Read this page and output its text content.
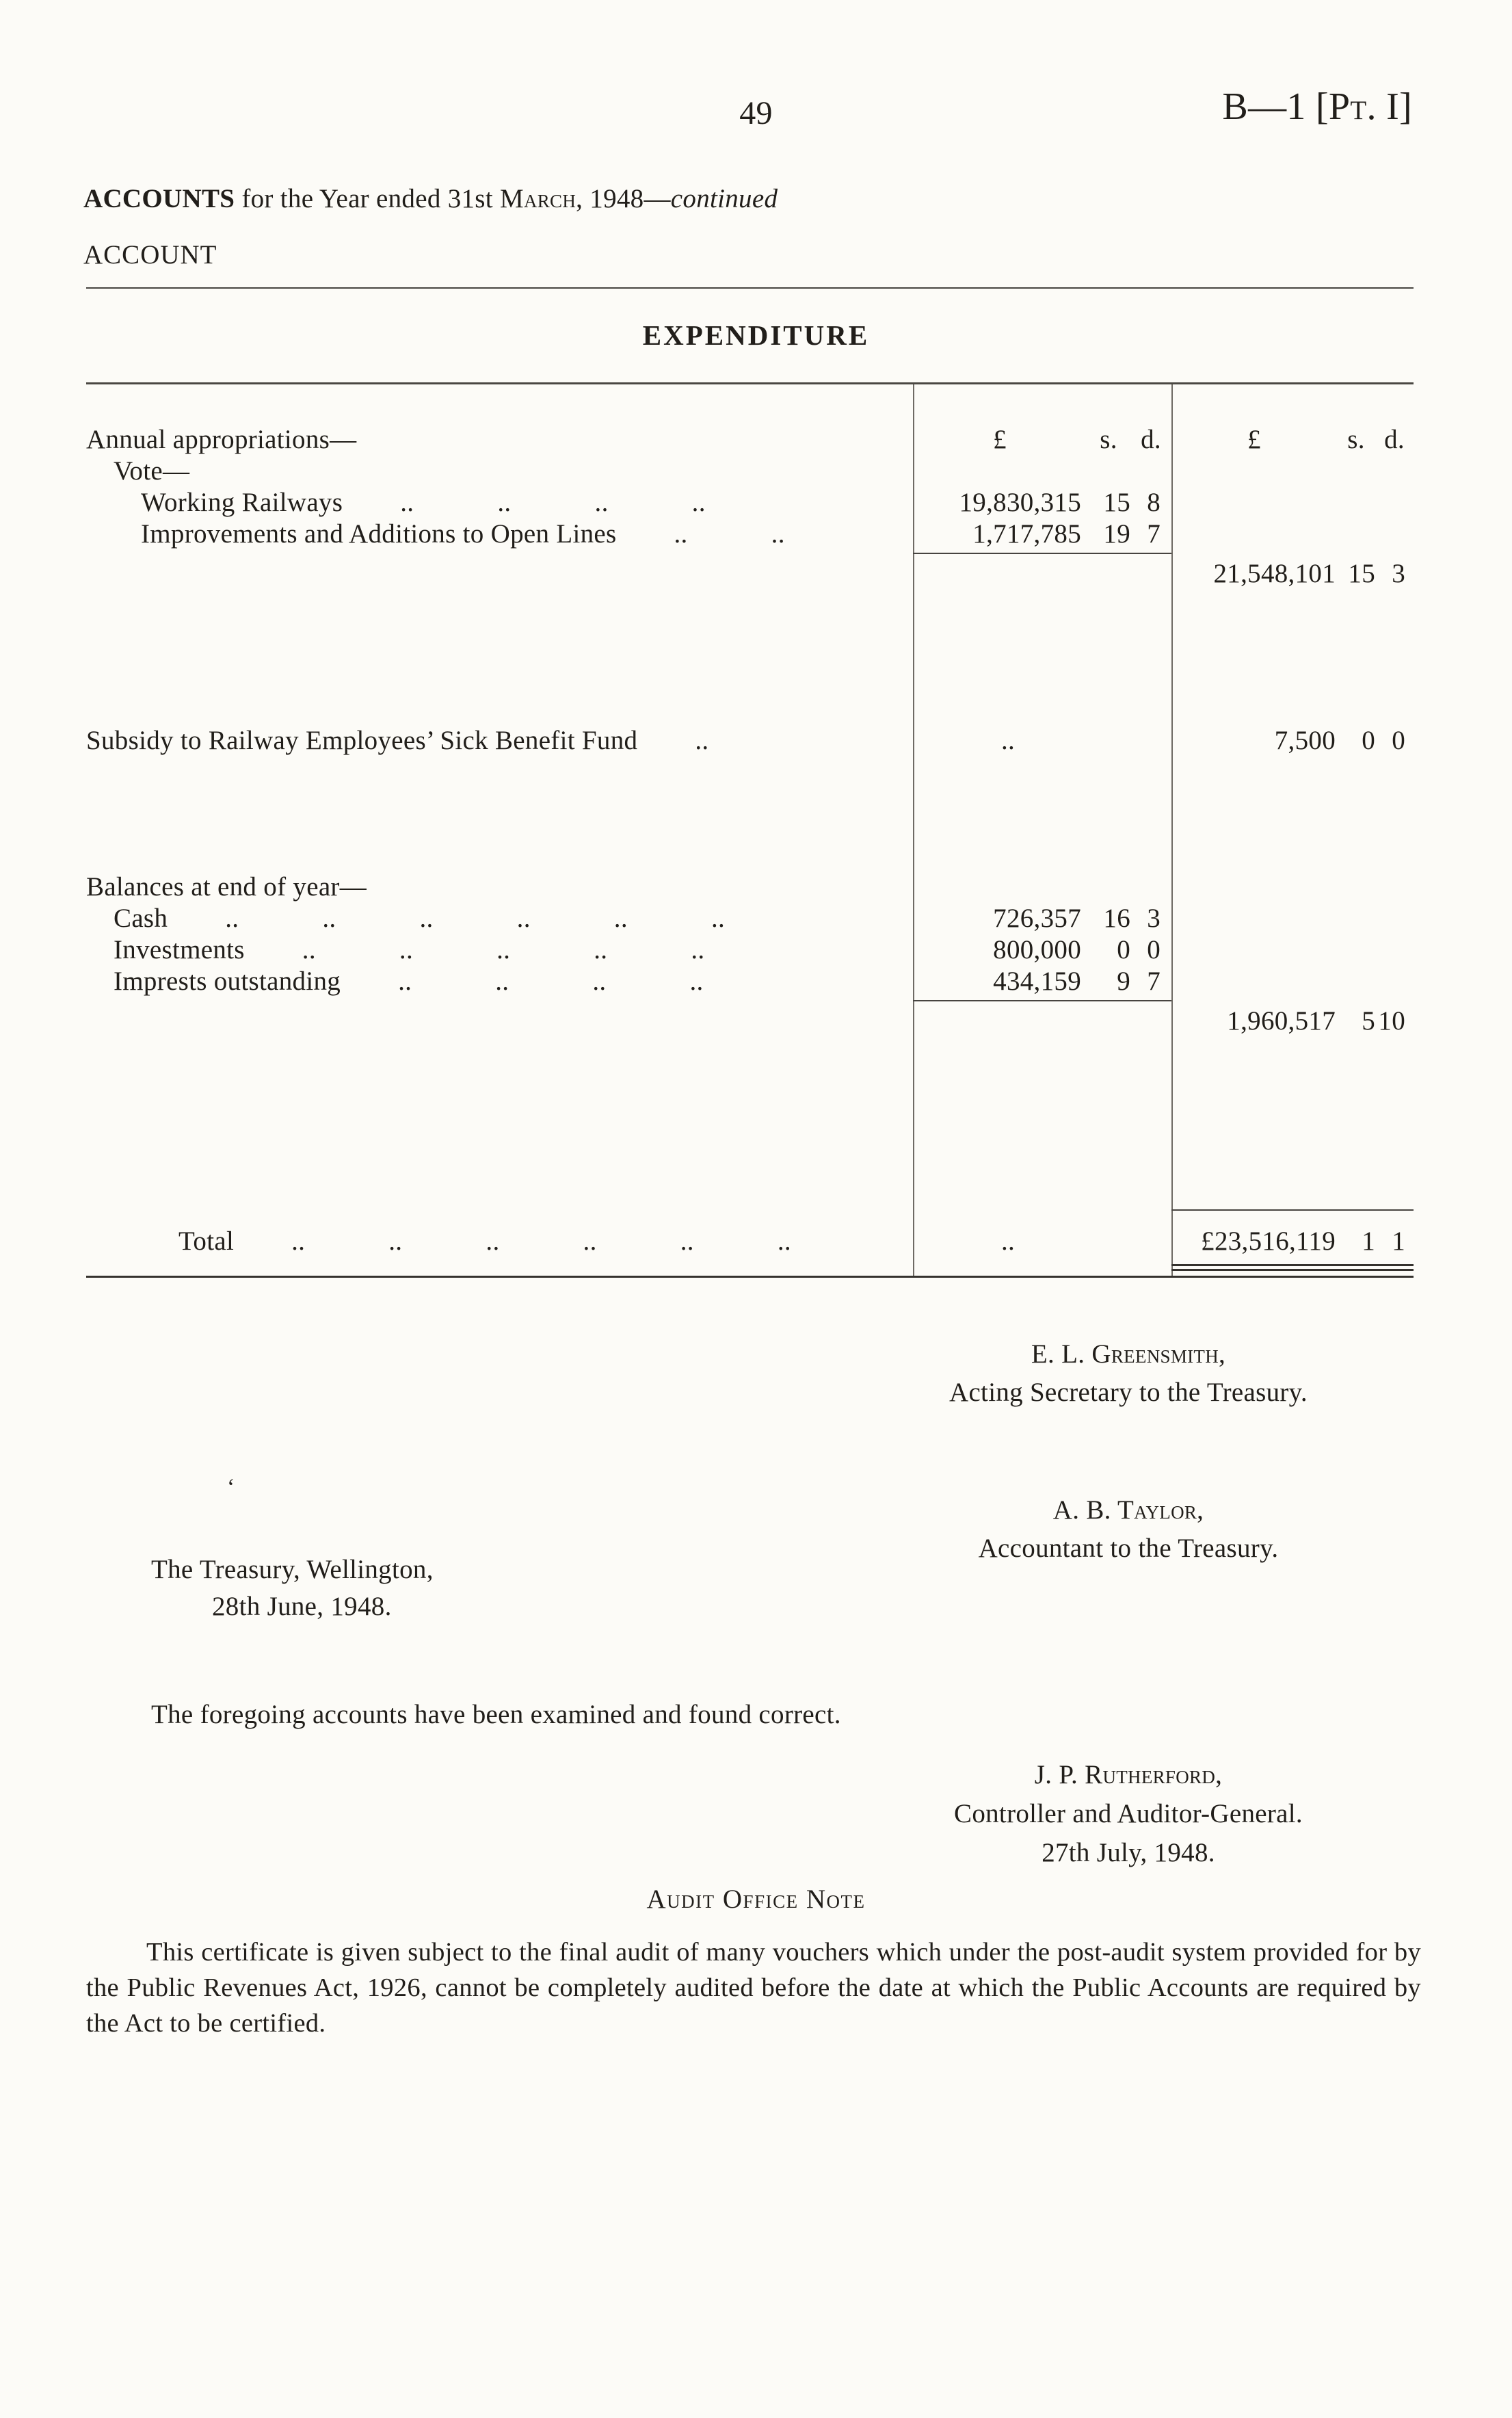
49	B—1 [Pt. I]
ACCOUNTS for the Year ended 31st March, 1948—continued
ACCOUNT
EXPENDITURE
Annual appropriations—	£	s. d.	£	s. d.
Vote—
Working Railways .. .. .. ..	19,830,315 15 8
Improvements and Additions to Open Lines .. ..	1,717,785 19 7
21,548,101 15 3
Subsidy to Railway Employees’ Sick Benefit Fund ..	..	7,500 0 0
Balances at end of year—
Cash .. .. .. .. .. ..	726,357 16 3
Investments .. .. .. .. ..	800,000	0 0
Imprests outstanding .. .. .. ..	434,159	9 7
1,960,517 5 10
Total .. .. .. .. .. ..	..	£23,516,119 1 1
E. L. Greensmith,
Acting Secretary to the Treasury.
‘
A. B. Taylor,
Accountant to the Treasury.
The Treasury, Wellington,
28th June, 1948.
The foregoing accounts have been examined and found correct.
J. P. Rutherford,
Controller and Auditor-General.
27th July, 1948.
Audit Office Note
This certificate is given subject to the final audit of many vouchers which under the post-audit system provided for by the Public Revenues Act, 1926, cannot be completely audited before the date at which the Public Accounts are required by the Act to be certified.
